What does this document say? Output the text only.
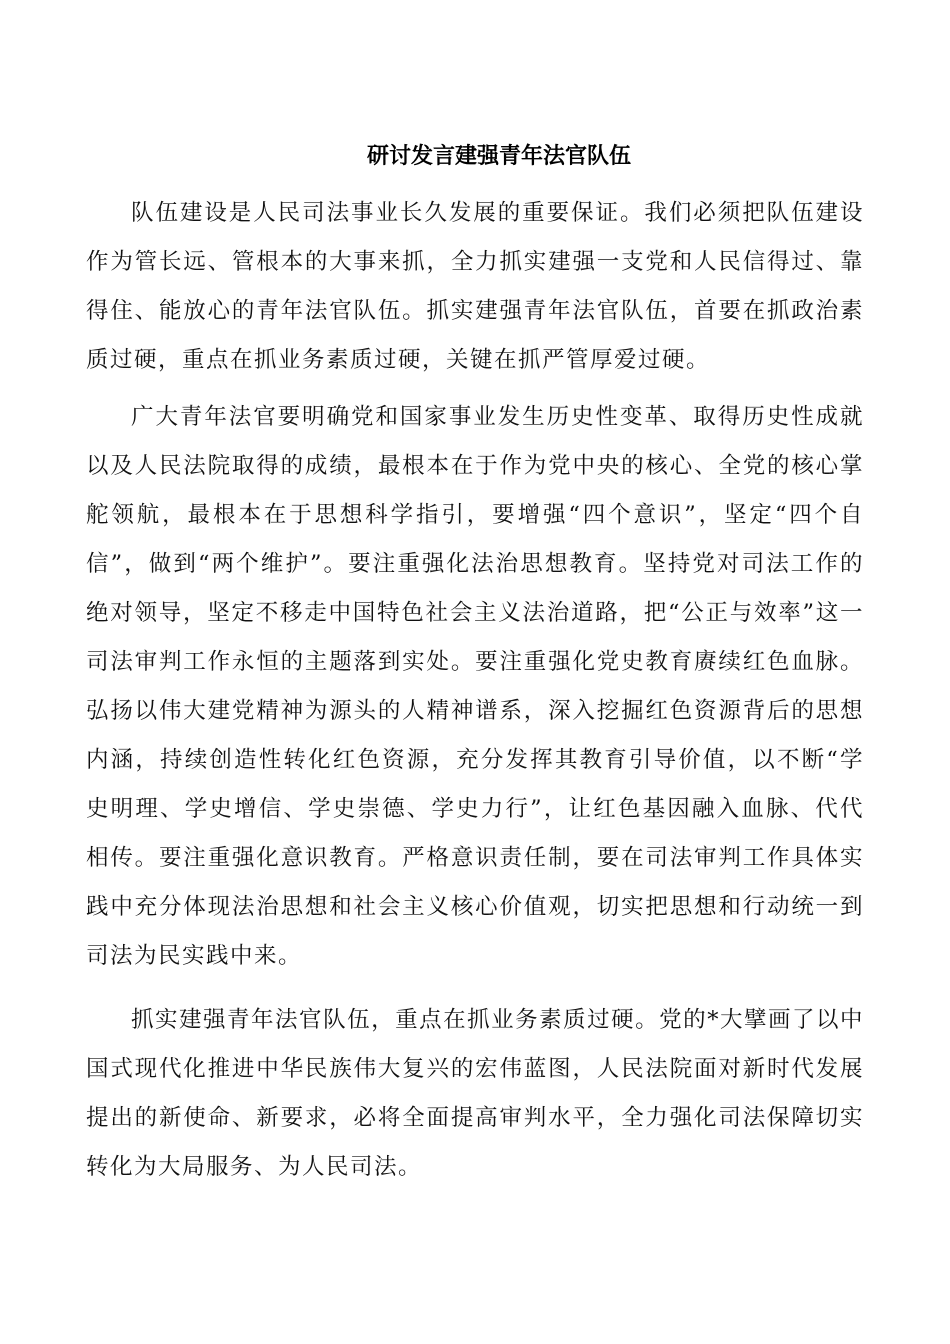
研讨发言建强青年法官队伍

队伍建设是人民司法事业长久发展的重要保证。我们必须把队伍建设作为管长远、管根本的大事来抓，全力抓实建强一支党和人民信得过、靠得住、能放心的青年法官队伍。抓实建强青年法官队伍，首要在抓政治素质过硬，重点在抓业务素质过硬，关键在抓严管厚爱过硬。

广大青年法官要明确党和国家事业发生历史性变革、取得历史性成就以及人民法院取得的成绩，最根本在于作为党中央的核心、全党的核心掌舵领航，最根本在于思想科学指引，要增强“四个意识”，坚定“四个自信”，做到“两个维护”。要注重强化法治思想教育。坚持党对司法工作的绝对领导，坚定不移走中国特色社会主义法治道路，把“公正与效率”这一司法审判工作永恒的主题落到实处。要注重强化党史教育赓续红色血脉。弘扬以伟大建党精神为源头的人精神谱系，深入挖掘红色资源背后的思想内涵，持续创造性转化红色资源，充分发挥其教育引导价值，以不断“学史明理、学史增信、学史崇德、学史力行”，让红色基因融入血脉、代代相传。要注重强化意识教育。严格意识责任制，要在司法审判工作具体实践中充分体现法治思想和社会主义核心价值观，切实把思想和行动统一到司法为民实践中来。

抓实建强青年法官队伍，重点在抓业务素质过硬。党的*大擘画了以中国式现代化推进中华民族伟大复兴的宏伟蓝图，人民法院面对新时代发展提出的新使命、新要求，必将全面提高审判水平，全力强化司法保障切实转化为大局服务、为人民司法。
